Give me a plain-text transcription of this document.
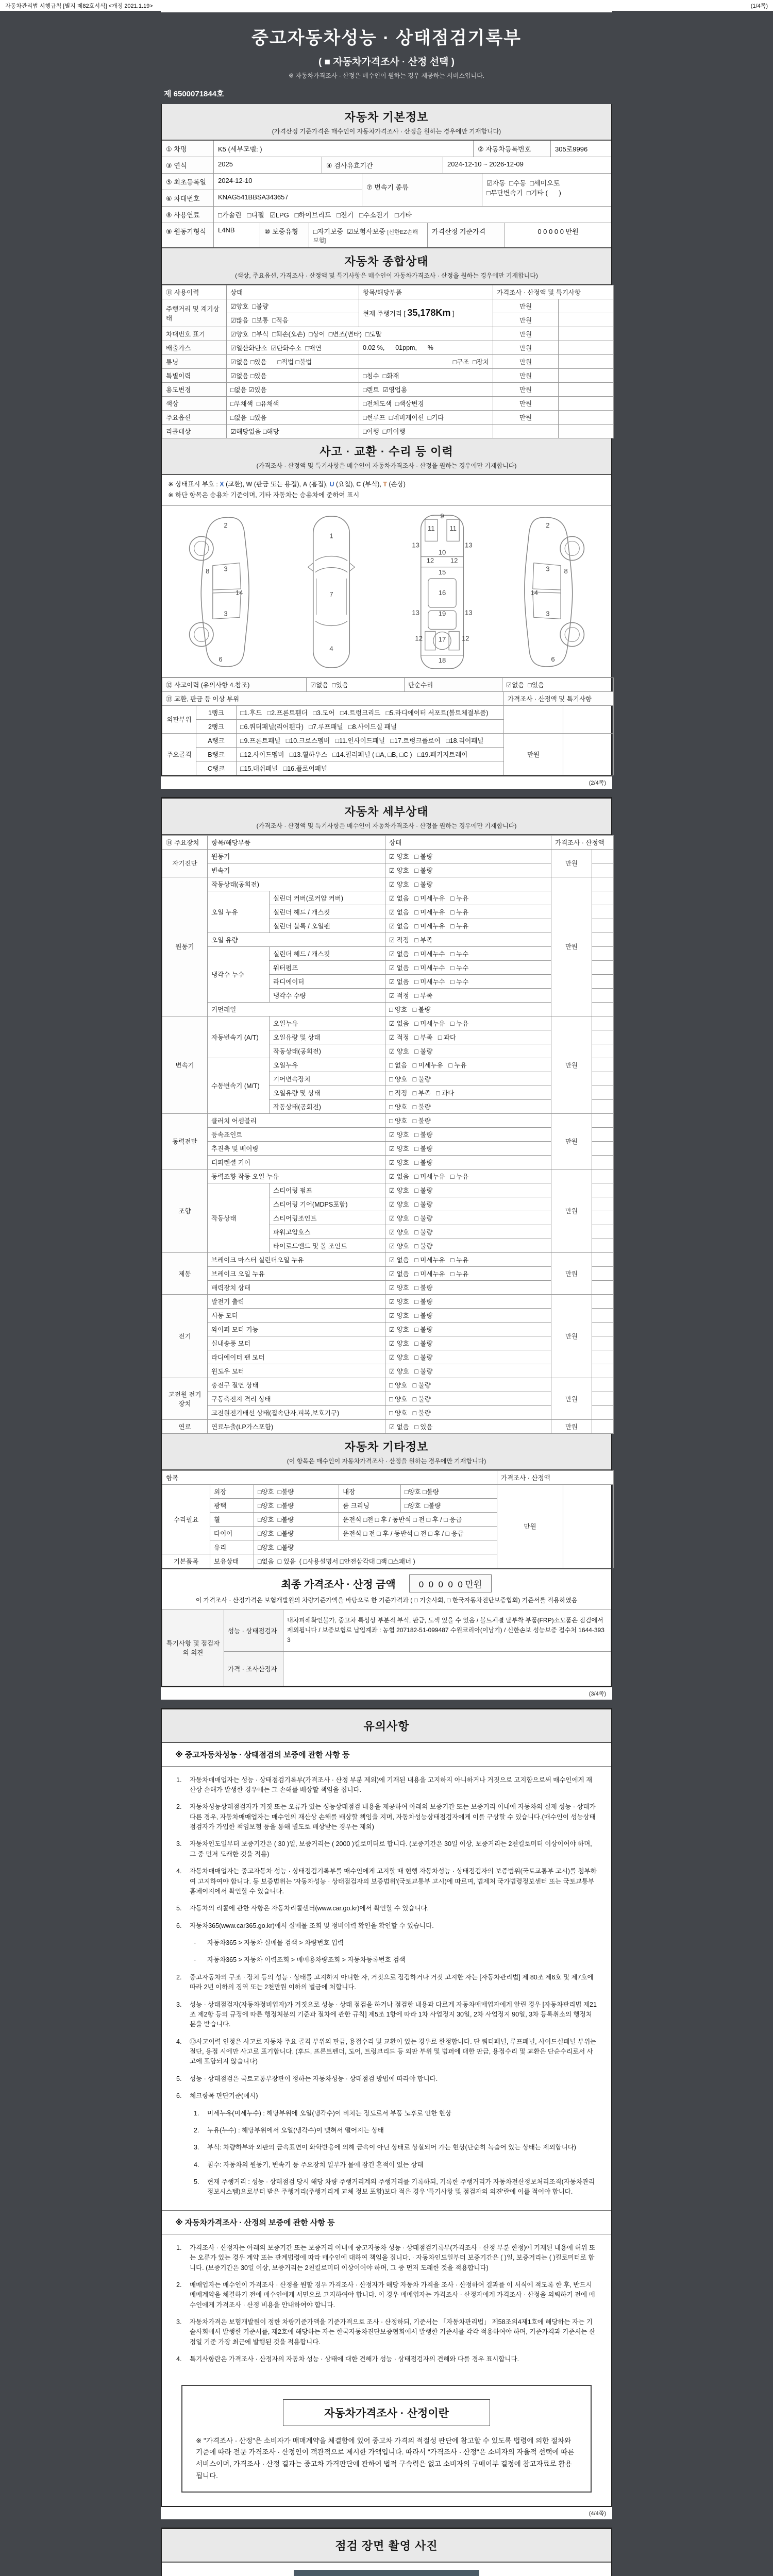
자동차관리법 시행규칙 [별지 제82호서식] <개정 2021.1.19>	(1/4쪽)
중고자동차성능 · 상태점검기록부
( ■ 자동차가격조사 · 산정 선택 )
※ 자동차가격조사 · 산정은 매수인이 원하는 경우 제공하는 서비스입니다.
제 6500071844호
자동차 기본정보
(가격산정 기준가격은 매수인이 자동차가격조사 · 산정을 원하는 경우에만 기재합니다)
① 차명	K5 (세부모델: )	② 자동차등록번호	305로9996
③ 연식	2025	④ 검사유효기간	2024-12-10 ~ 2026-12-09
⑤ 최초등록일	2024-12-10
⑥ 차대번호	KNAG541BBSA343657
⑦ 변속기 종류
☑자동  □수동  □세미오토
□무단변속기  □기타 (      )
⑧ 사용연료	□가솔린   □디젤   ☑LPG   □하이브리드   □전기   □수소전기   □기타
⑨ 원동기형식	L4NB	⑩ 보증유형	□자기보증  ☑보험사보증 [신한EZ손해보험]
가격산정 기준가격	0 0 0 0 0 만원
자동차 종합상태
(색상, 주요옵션, 가격조사 · 산정액 및 특기사항은 매수인이 자동차가격조사 · 산정을 원하는 경우에만 기재합니다)
⑪ 사용이력	상태	항목/해당부품	가격조사 · 산정액 및 특기사항	
주행거리 및 계기상태	☑양호  □불량	현재 주행거리 [ 35,178Km ]	만원	
	☑많음  □보통  □적음		만원	
차대번호 표기	☑양호  □부식  □훼손(오손)  □상이  □변조(변타)  □도말		만원	
배출가스	☑일산화탄소  ☑탄화수소  □매연	0.02 %,      01ppm,      %	만원	
튜닝	☑없음 □있음      □적법 □불법	□구조  □장치	만원	
특별이력	☑없음 □있음	□침수  □화재	만원	
용도변경	□없음 ☑있음	□렌트  ☑영업용	만원	
색상	□무채색  □유채색	□전체도색  □색상변경	만원	
주요옵션	□없음  □있음	□썬루프  □네비게이션  □기타	만원	
리콜대상	☑해당없음 □해당	□이행  □미이행		
사고 · 교환 · 수리 등 이력
(가격조사 · 산정액 및 특기사항은 매수인이 자동차가격조사 · 산정을 원하는 경우에만 기재합니다)
※ 상태표시 부호 : X (교환), W (판금 또는 용접), A (흠집), U (요철), C (부식), T (손상)
※ 하단 항목은 승용차 기준이며, 기타 자동차는 승용차에 준하여 표시
2
8 3
14
3
6
1
7
4
11 11
9
13	13
12 12
10
15
16
13	19	13
12	12
17
18
2
3 8
14
3
6
⑫ 사고이력 (유의사항 4.참조)	☑없음  □있음	단순수리	☑없음  □있음
⑬ 교환, 판금 등 이상 부위			가격조사 · 산정액 및 특기사항	
외판부위	1랭크	□1.후드   □2.프론트휀더   □3.도어   □4.트렁크리드   □5.라디에이터 서포트(볼트체결부품)		
	2랭크	□6.쿼터패널(리어휀다)   □7.루프패널   □8.사이드실 패널		
주요골격	A랭크	□9.프론트패널   □10.크로스멤버   □11.인사이드패널   □17.트렁크플로어   □18.리어패널	만원	
	B랭크	□12.사이드멤버   □13.휠하우스   □14.필러패널 ( □A, □B, □C )   □19.패키지트레이		
	C랭크	□15.대쉬패널   □16.플로어패널		
(2/4쪽)
자동차 세부상태
(가격조사 · 산정액 및 특기사항은 매수인이 자동차가격조사 · 산정을 원하는 경우에만 기재합니다)
⑭ 주요장치	항목/해당부품		상태	가격조사 · 산정액	
자기진단	원동기		☑ 양호   □ 불량	만원	
	변속기		☑ 양호   □ 불량		
원동기	작동상태(공회전)		☑ 양호   □ 불량	만원	
	오일 누유	실린더 커버(로커암 커버)	☑ 없음   □ 미세누유   □ 누유		
		실린더 헤드 / 개스킷	☑ 없음   □ 미세누유   □ 누유		
		실린더 블록 / 오일팬	☑ 없음   □ 미세누유   □ 누유		
	오일 유량		☑ 적정   □ 부족		
	냉각수 누수	실린더 헤드 / 개스킷	☑ 없음   □ 미세누수   □ 누수		
		워터펌프	☑ 없음   □ 미세누수   □ 누수		
		라디에이터	☑ 없음   □ 미세누수   □ 누수		
		냉각수 수량	☑ 적정   □ 부족		
	커먼레일		□ 양호   □ 불량		
변속기	자동변속기 (A/T)	오일누유	☑ 없음   □ 미세누유   □ 누유	만원	
		오일유량 및 상태	☑ 적정   □ 부족   □ 과다		
		작동상태(공회전)	☑ 양호   □ 불량		
	수동변속기 (M/T)	오일누유	□ 없음   □ 미세누유   □ 누유		
		기어변속장치	□ 양호   □ 불량		
		오일유량 및 상태	□ 적정   □ 부족   □ 과다		
		작동상태(공회전)	□ 양호   □ 불량		
동력전달	클러치 어셈블리		□ 양호   □ 불량	만원	
	등속죠인트		☑ 양호   □ 불량		
	추진축 및 베어링		☑ 양호   □ 불량		
	디퍼렌셜 기어		☑ 양호   □ 불량		
조향	동력조향 작동 오일 누유		☑ 없음   □ 미세누유   □ 누유	만원	
	작동상태	스티어링 펌프	☑ 양호   □ 불량		
		스티어링 기어(MDPS포함)	☑ 양호   □ 불량		
		스티어링조인트	☑ 양호   □ 불량		
		파워고압호스	☑ 양호   □ 불량		
		타이로드엔드 및 볼 조인트	☑ 양호   □ 불량		
제동	브레이크 마스터 실린더오일 누유		☑ 없음   □ 미세누유   □ 누유	만원	
	브레이크 오일 누유		☑ 없음   □ 미세누유   □ 누유		
	배력장치 상태		☑ 양호   □ 불량		
전기	발전기 출력		☑ 양호   □ 불량	만원	
	시동 모터		☑ 양호   □ 불량		
	와이퍼 모터 기능		☑ 양호   □ 불량		
	실내송풍 모터		☑ 양호   □ 불량		
	라디에이터 팬 모터		☑ 양호   □ 불량		
	윈도우 모터		☑ 양호   □ 불량		
고전원 전기장치	충전구 절연 상태		□ 양호   □ 불량	만원	
	구동축전지 격리 상태		□ 양호   □ 불량		
	고전원전기배선 상태(접속단자,피복,보호기구)		□ 양호   □ 불량		
연료	연료누출(LP가스포함)		☑ 없음   □ 있음	만원	
자동차 기타정보
(이 항목은 매수인이 자동차가격조사 · 산정을 원하는 경우에만 기재합니다)
항목					가격조사 · 산정액	
수리필요	외장	□양호  □불량	내장	□양호 □불량	만원	
	광택	□양호  □불량	룸 크리닝	□양호  □불량		
	휠	□양호  □불량	운전석 □전 □ 후 / 동반석 □ 전 □ 후 / □ 응급			
	타이어	□양호  □불량	운전석 □ 전 □ 후 / 동반석 □ 전 □ 후 / □ 응급			
	유리	□양호  □불량				
기본품목	보유상태	□없음  □ 있음  ( □사용설명서 □안전삼각대 □잭 □스패너 )				
최종 가격조사 · 산정 금액	0  0  0  0  0 만원
이 가격조사 · 산정가격은 보험개발원의 차량기준가액을 바탕으로 한 기준가격과 ( □ 기술사회, □ 한국자동차진단보증협회) 기준서를 적용하였음
특기사항 및 점검자의 의견	성능 · 상태점검자	내차피해확인불가, 중고차 특성상 부분적 부식, 판금, 도색 있을 수 있음 / 볼트체결 탈부착 부품(FRP)소모품은 점검에서 제외됩니다 / 보증보험료 납입계좌 : 농협 207182-51-099487 수원코리아(이남기) / 신한손보 성능보증 접수처 1644-3933
	가격 · 조사산정자	
(3/4쪽)
유의사항
※ 중고자동차성능 · 상태점검의 보증에 관한 사항 등
1.	자동차매매업자는 성능 · 상태점검기록부(가격조사 · 산정 부분 제외)에 기재된 내용을 고지하지 아니하거나 거짓으로 고지함으로써 매수인에게 재산상 손해가 발생한 경우에는 그 손해를 배상할 책임을 집니다.
2.	자동차성능상태점검자가 거짓 또는 오류가 있는 성능상태점검 내용을 제공하여 아래의 보증기간 또는 보증거리 이내에 자동차의 실제 성능 · 상태가 다른 경우, 자동차매매업자는 매수인의 재산상 손해를 배상할 책임을 지며, 자동차성능상태점검자에게 이를 구상할 수 있습니다.(매수인이 성능상태점검자가 가입한 책임보험 등을 통해 별도로 배상받는 경우는 제외)
3.	자동차인도일부터 보증기간은 ( 30 )일, 보증거리는 ( 2000 )킬로미터로 합니다. (보증기간은 30일 이상, 보증거리는 2천킬로미터 이상이어야 하며, 그 중 먼저 도래한 것을 적용)
4.	자동차매매업자는 중고자동차 성능 · 상태점검기록부를 매수인에게 고지할 때 현행 자동차성능 · 상태점검자의 보증범위(국토교통부 고시)를 첨부하여 고지하여야 합니다. 동 보증범위는 '자동차성능 · 상태점검자의 보증범위'(국토교통부 고시)에 따르며, 법제처 국가법령정보센터 또는 국토교통부 홈페이지에서 확인할 수 있습니다.
5.	자동차의 리콜에 관한 사항은 자동차리콜센터(www.car.go.kr)에서 확인할 수 있습니다.
6.	자동차365(www.car365.go.kr)에서 실매물 조회 및 정비이력 확인을 확인할 수 있습니다.
-	자동차365 > 자동차 실매물 검색 > 차량번호 입력
-	자동차365 > 자동차 이력조회 > 매매용차량조회 > 자동차등록번호 검색
2.	중고자동차의 구조 · 장치 등의 성능 · 상태를 고지하지 아니한 자, 거짓으로 점검하거나 거짓 고지한 자는 [자동차관리법] 제 80조 제6호 및 제7호에 따라 2년 이하의 징역 또는 2천만원 이하의 벌금에 처합니다.
3.	성능 · 상태점검자(자동차정비업자)가 거짓으로 성능 · 상태 점검을 하거나 점검한 내용과 다르게 자동차매매업자에게 알린 경우 [자동차관리법 제21조 제2항 등의 규정에 따른 행정처분의 기준과 절차에 관한 규칙] 제5조 1항에 따라 1차 사업정지 30일, 2차 사업정지 90일, 3차 등록취소의 행정처분을 받습니다.
4.	⑫사고이력 인정은 사고로 자동차 주요 골격 부위의 판금, 용접수리 및 교환이 있는 경우로 한정합니다. 단 쿼터패널, 루프패널, 사이드실패널 부위는 절단, 용접 시에만 사고로 표기합니다. (후드, 프론트펜더, 도어, 트렁크리드 등 외판 부위 및 범퍼에 대한 판금, 용접수리 및 교환은 단순수리로서 사고에 포함되지 않습니다)
5.	성능 · 상태점검은 국토교통부장관이 정하는 자동차성능 · 상태점검 방법에 따라야 합니다.
6.	체크항목 판단기준(예시)
1.	미세누유(미세누수) : 해당부위에 오일(냉각수)이 비치는 정도로서 부품 노후로 인한 현상
2.	누유(누수) : 해당부위에서 오일(냉각수)이 맺혀서 떨어지는 상태
3.	부식: 차량하부와 외판의 금속표면이 화학반응에 의해 금속이 아닌 상태로 상실되어 가는 현상(단순히 녹슬어 있는 상태는 제외합니다)
4.	침수: 자동차의 원동기, 변속기 등 주요장치 일부가 물에 잠긴 흔적이 있는 상태
5.	현재 주행거리 : 성능 · 상태점검 당시 해당 차량 주행거리계의 주행거리를 기록하되, 기록한 주행거리가 자동차전산정보처리조직(자동차관리정보시스템)으로부터 받은 주행거리(주행거리계 교체 정보 포함)보다 적은 경우 '특기사항 및 점검자의 의견'란에 이를 적어야 합니다.
※ 자동차가격조사 · 산정의 보증에 관한 사항 등
1.	가격조사 · 산정자는 아래의 보증기간 또는 보증거리 이내에 중고자동차 성능 · 상태점검기록부(가격조사 · 산정 부분 한정)에 기재된 내용에 허위 또는 오류가 있는 경우 계약 또는 관계법령에 따라 매수인에 대하여 책임을 집니다. · 자동차인도일부터 보증기간은 ( )일, 보증거리는 ( )킬로미터로 합니다. (보증기간은 30일 이상, 보증거리는 2천킬로미터 이상이어야 하며, 그 중 먼저 도래한 것을 적용합니다)
2.	매매업자는 매수인이 가격조사 · 산정을 원할 경우 가격조사 · 산정자가 해당 자동차 가격을 조사 · 산정하여 결과를 이 서식에 적도록 한 후, 반드시 매매계약을 체결하기 전에 매수인에게 서면으로 고지하여야 합니다. 이 경우 매매업자는 가격조사 · 산정자에게 가격조사 · 산정을 의뢰하기 전에 매수인에게 가격조사 · 산정 비용을 안내하여야 합니다.
3.	자동차가격은 보험개발원이 정한 차량기준가액을 기준가격으로 조사 · 산정하되, 기준서는 「자동차관리법」 제58조의4제1호에 해당하는 자는 기술사회에서 발행한 기준서를, 제2호에 해당하는 자는 한국자동차진단보증협회에서 발행한 기준서를 각각 적용하여야 하며, 기준가격과 기준서는 산정일 기준 가장 최근에 발행된 것을 적용합니다.
4.	특기사항란은 가격조사 · 산정자의 자동차 성능 · 상태에 대한 견해가 성능 · 상태점검자의 견해와 다를 경우 표시합니다.
자동차가격조사 · 산정이란
※ "가격조사 · 산정"은 소비자가 매매계약을 체결함에 있어 중고차 가격의 적절성 판단에 참고할 수 있도록 법령에 의한 절차와 기준에 따라 전문 가격조사 · 산정인이 객관적으로 제시한 가액입니다. 따라서 "가격조사 · 산정"은 소비자의 자율적 선택에 따른 서비스이며, 가격조사 · 산정 결과는 중고차 가격판단에 관하여 법적 구속력은 없고 소비자의 구매여부 결정에 참고자료로 활용됩니다.
(4/4쪽)
점검 장면 촬영 사진
